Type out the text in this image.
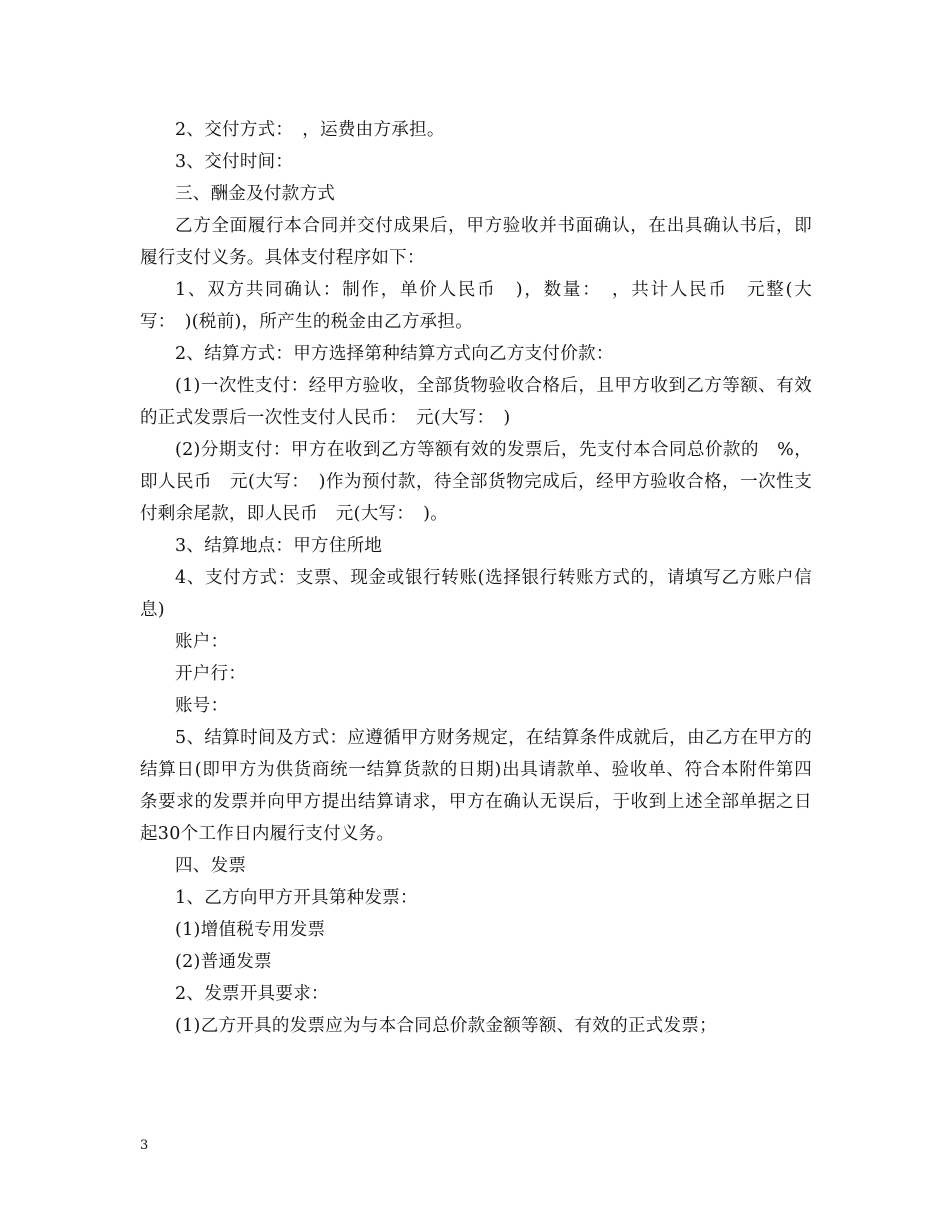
2、交付方式：　，运费由方承担。

3、交付时间：

三、酬金及付款方式

乙方全面履行本合同并交付成果后，甲方验收并书面确认，在出具确认书后，即履行支付义务。具体支付程序如下：

1、双方共同确认：制作，单价人民币　)，数量：　，共计人民币　元整(大写：　)(税前)，所产生的税金由乙方承担。

2、结算方式：甲方选择第种结算方式向乙方支付价款：

(1)一次性支付：经甲方验收，全部货物验收合格后，且甲方收到乙方等额、有效的正式发票后一次性支付人民币：　元(大写：　)

(2)分期支付：甲方在收到乙方等额有效的发票后，先支付本合同总价款的　%，即人民币　元(大写：　)作为预付款，待全部货物完成后，经甲方验收合格，一次性支付剩余尾款，即人民币　元(大写：　)。

3、结算地点：甲方住所地

4、支付方式：支票、现金或银行转账(选择银行转账方式的，请填写乙方账户信息)

账户：

开户行：

账号：

5、结算时间及方式：应遵循甲方财务规定，在结算条件成就后，由乙方在甲方的结算日(即甲方为供货商统一结算货款的日期)出具请款单、验收单、符合本附件第四条要求的发票并向甲方提出结算请求，甲方在确认无误后，于收到上述全部单据之日起30个工作日内履行支付义务。

四、发票

1、乙方向甲方开具第种发票：

(1)增值税专用发票

(2)普通发票

2、发票开具要求：

(1)乙方开具的发票应为与本合同总价款金额等额、有效的正式发票；

3
